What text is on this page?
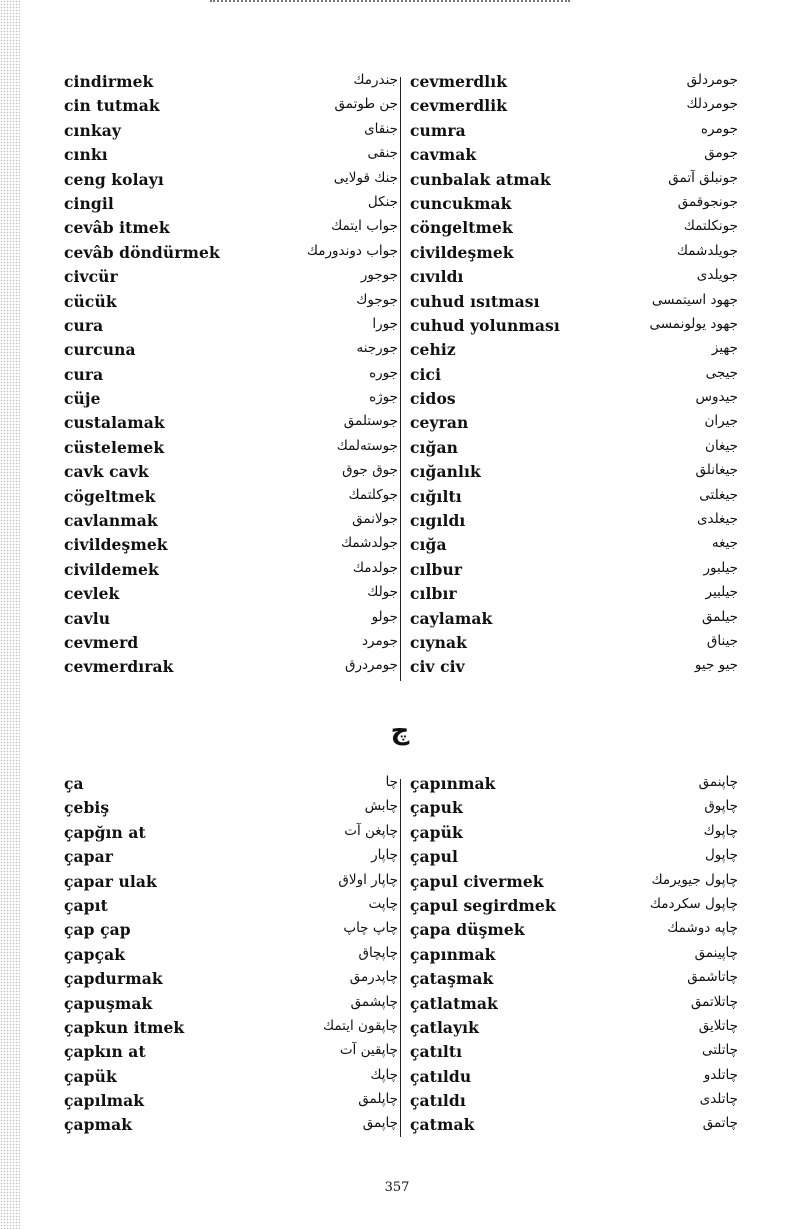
cindirmek	جندرمك
cin tutmak	جن طوتمق
cınkay	جنقای
cınkı	جنقی
ceng kolayı	جنك قولایی
cingil	جنكل
cevâb itmek	جواب ایتمك
cevâb döndürmek	جواب دوندورمك
civcür	جوجور
cücük	جوجوك
cura	جورا
curcuna	جورجنه
cura	جوره
cüje	جوژه
custalamak	جوستلمق
cüstelemek	جوستەلمك
cavk cavk	جوق جوق
cögeltmek	جوكلتمك
cavlanmak	جولانمق
civildeşmek	جولدشمك
civildemek	جولدمك
cevlek	جولك
cavlu	جولو
cevmerd	جومرد
cevmerdırak	جومردرق
cevmerdlık	جومردلق
cevmerdlik	جومردلك
cumra	جومره
cavmak	جومق
cunbalak atmak	جونبلق آتمق
cuncukmak	جونجوقمق
cöngeltmek	جونكلتمك
civildeşmek	جويلدشمك
cıvıldı	جويلدى
cuhud ısıtması	جهود اسيتمسی
cuhud yolunması	جهود يولونمسی
cehiz	جهيز
cici	جيجی
cidos	جيدوس
ceyran	جيران
cığan	جيغان
cığanlık	جيغانلق
cığıltı	جيغلتی
cıgıldı	جيغلدی
cığa	جيغه
cılbur	جيلبور
cılbır	جيلبير
caylamak	جيلمق
cıynak	جيناق
civ civ	جيو جيو
چ
ça	چا
çebiş	چابش
çapğın at	چاپغن آت
çapar	چاپار
çapar ulak	چاپار اولاق
çapıt	چاپت
çap çap	چاپ چاپ
çapçak	چاپچاق
çapdurmak	چاپدرمق
çapuşmak	چاپشمق
çapkun itmek	چاپقون ایتمك
çapkın at	چاپقین آت
çapük	چاپك
çapılmak	چاپلمق
çapmak	چاپمق
çapınmak	چاپنمق
çapuk	چاپوق
çapük	چاپوك
çapul	چاپول
çapul civermek	چاپول جيويرمك
çapul segirdmek	چاپول سكردمك
çapa düşmek	چاپه دوشمك
çapınmak	چاپينمق
çataşmak	چاتاشمق
çatlatmak	چاتلاتمق
çatlayık	چاتلايق
çatıltı	چاتلتی
çatıldu	چاتلدو
çatıldı	چاتلدی
çatmak	چاتمق
357
